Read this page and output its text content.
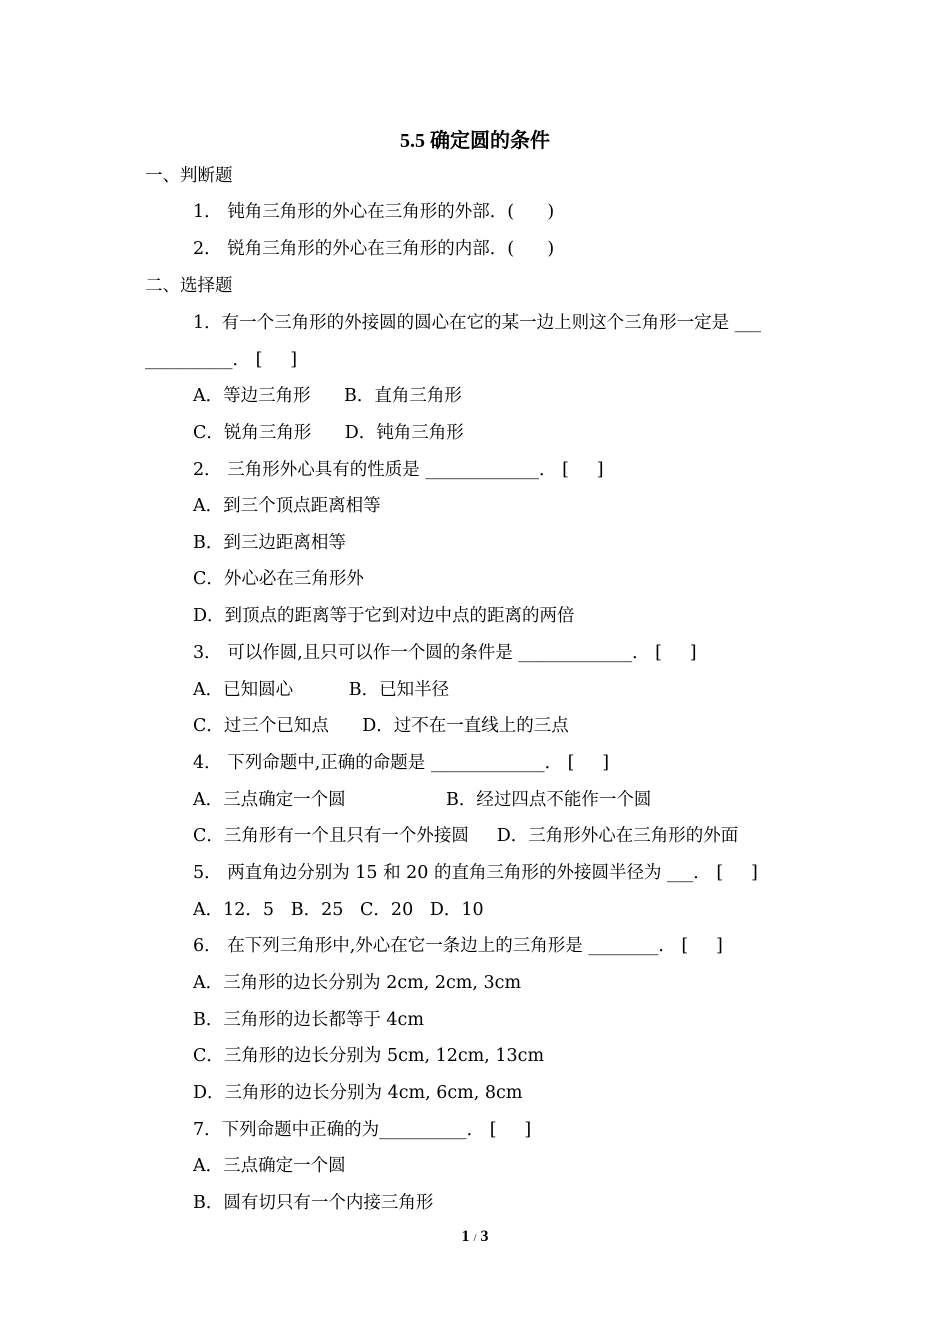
5.5 确定圆的条件
一、判断题
1． 钝角三角形的外心在三角形的外部．(      )
2． 锐角三角形的外心在三角形的内部．(      )
二、选择题
1．有一个三角形的外接圆的圆心在它的某一边上则这个三角形一定是 ___
__________． [     ]
A．等边三角形      B．直角三角形
C．锐角三角形      D．钝角三角形
2． 三角形外心具有的性质是 _____________． [     ]
A．到三个顶点距离相等
B．到三边距离相等
C．外心必在三角形外
D．到顶点的距离等于它到对边中点的距离的两倍
3． 可以作圆,且只可以作一个圆的条件是 _____________． [     ]
A．已知圆心          B．已知半径
C．过三个已知点      D．过不在一直线上的三点
4． 下列命题中,正确的命题是 _____________． [     ]
A．三点确定一个圆	B．经过四点不能作一个圆
C．三角形有一个且只有一个外接圆     D．三角形外心在三角形的外面
5． 两直角边分别为 15 和 20 的直角三角形的外接圆半径为 ___． [     ]
A．12．5   B．25   C．20   D．10
6． 在下列三角形中,外心在它一条边上的三角形是 ________． [     ]
A．三角形的边长分别为 2cm, 2cm, 3cm
B．三角形的边长都等于 4cm
C．三角形的边长分别为 5cm, 12cm, 13cm
D．三角形的边长分别为 4cm, 6cm, 8cm
7．下列命题中正确的为__________． [     ]
A．三点确定一个圆
B．圆有切只有一个内接三角形
1 / 3
